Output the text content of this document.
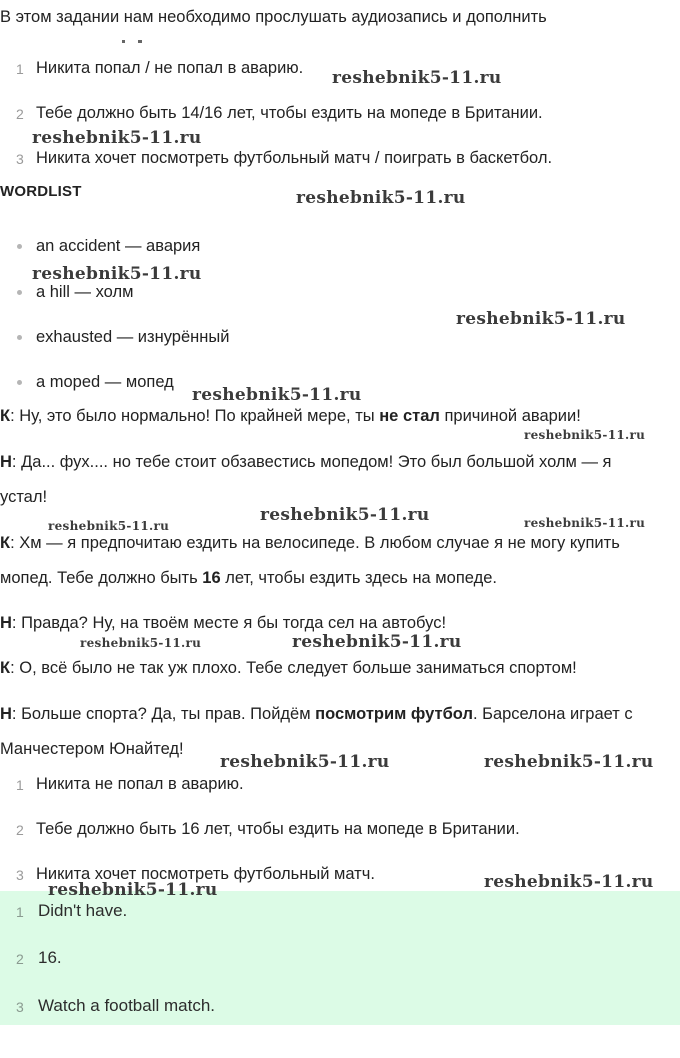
В этом задании нам необходимо прослушать аудиозапись и дополнить
1 Никита попал / не попал в аварию.
2 Тебе должно быть 14/16 лет, чтобы ездить на мопеде в Британии.
3 Никита хочет посмотреть футбольный матч / поиграть в баскетбол.
WORDLIST
an accident — авария
a hill — холм
exhausted — изнурённый
a moped — мопед
К: Ну, это было нормально! По крайней мере, ты не стал причиной аварии!
Н: Да... фух.... но тебе стоит обзавестись мопедом! Это был большой холм — я
устал!
К: Хм — я предпочитаю ездить на велосипеде. В любом случае я не могу купить
мопед. Тебе должно быть 16 лет, чтобы ездить здесь на мопеде.
Н: Правда? Ну, на твоём месте я бы тогда сел на автобус!
К: О, всё было не так уж плохо. Тебе следует больше заниматься спортом!
Н: Больше спорта? Да, ты прав. Пойдём посмотрим футбол. Барселона играет с
Манчестером Юнайтед!
1 Никита не попал в аварию.
2 Тебе должно быть 16 лет, чтобы ездить на мопеде в Британии.
3 Никита хочет посмотреть футбольный матч.
1 Didn't have.
2 16.
3 Watch a football match.
reshebnik5-11.ru
reshebnik5-11.ru
reshebnik5-11.ru
reshebnik5-11.ru
reshebnik5-11.ru
reshebnik5-11.ru
reshebnik5-11.ru
reshebnik5-11.ru
reshebnik5-11.ru	reshebnik5-11.ru
reshebnik5-11.ru	reshebnik5-11.ru
reshebnik5-11.ru	reshebnik5-11.ru
reshebnik5-11.ru	reshebnik5-11.ru
